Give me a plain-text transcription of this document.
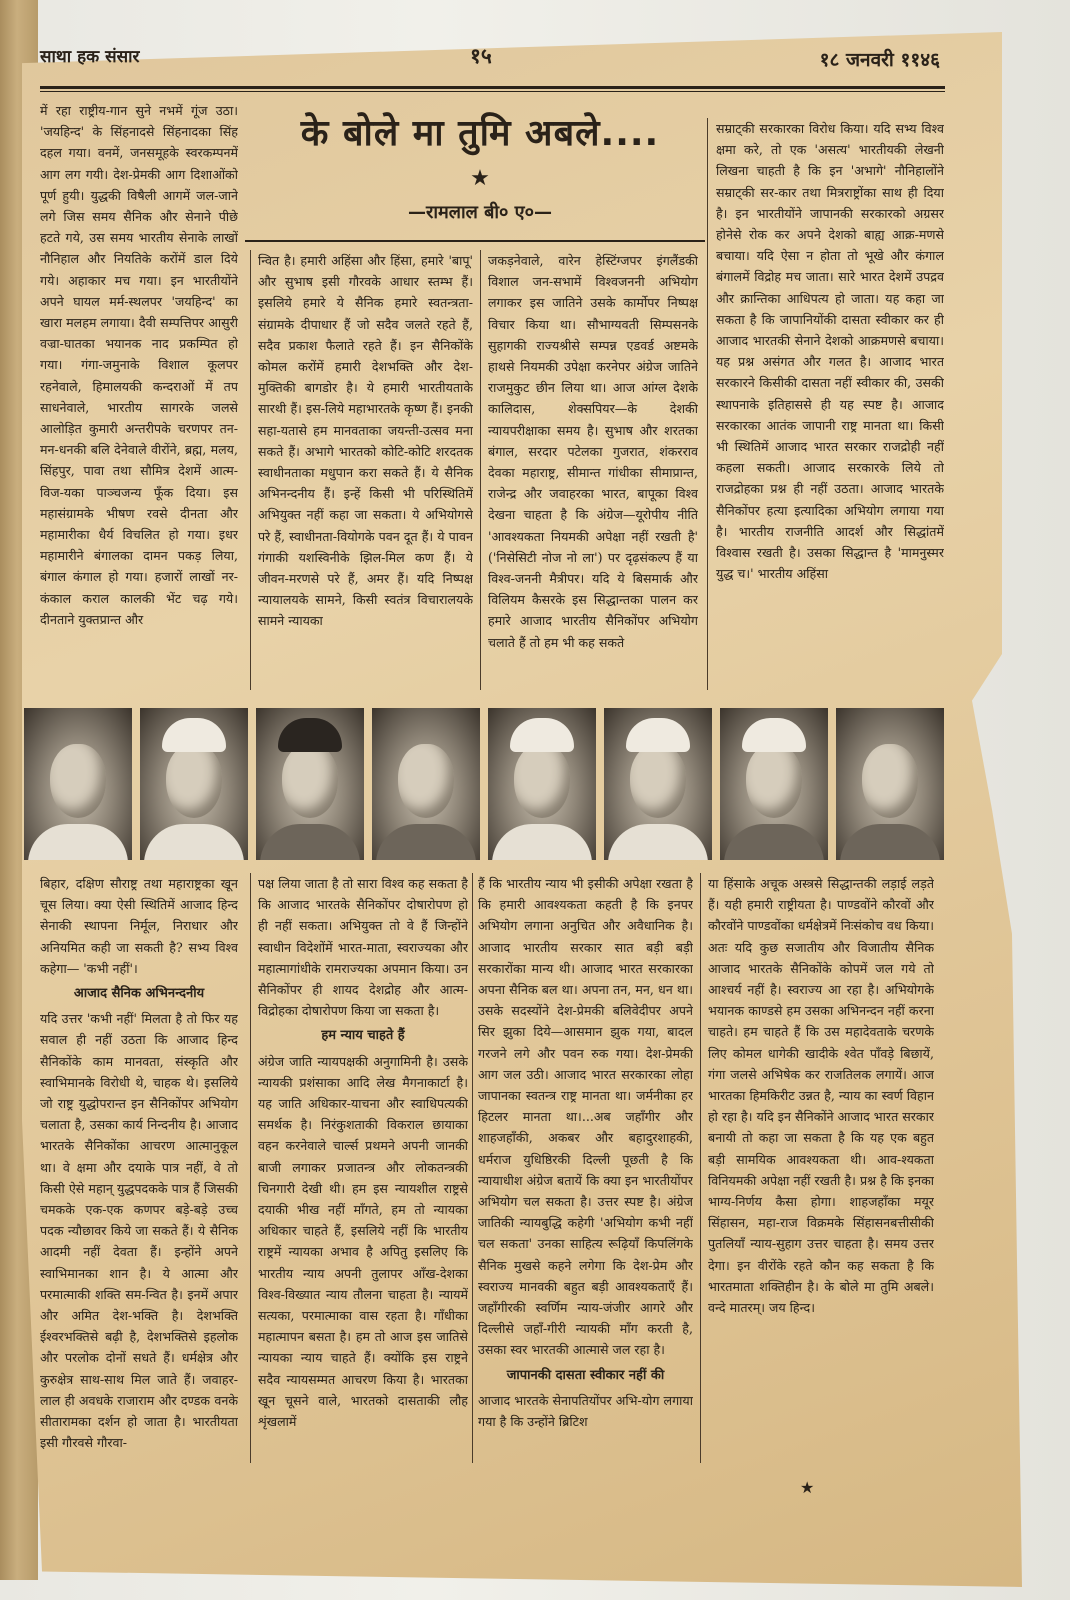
साथा हक संसार	१५	१८ जनवरी ११४६
के बोले मा तुमि अबले....
★
—रामलाल बी० ए०—

में रहा राष्ट्रीय-गान सुने नभमें गूंज उठा। 'जयहिन्द' के सिंहनादसे सिंहनादका सिंह दहल गया। वनमें, जनसमूहके स्वरकम्पनमें आग लग गयी। देश-प्रेमकी आग दिशाओंको पूर्ण हुयी। युद्धकी विषैली आगमें जल-जाने लगे जिस समय सैनिक और सेनाने पीछे हटते गये, उस समय भारतीय सेनाके लाखों नौनिहाल और नियतिके करोंमें डाल दिये गये। अहाकार मच गया। इन भारतीयोंने अपने घायल मर्म-स्थलपर 'जयहिन्द' का खारा मलहम लगाया। दैवी सम्पत्तिपर आसुरी वज्रा-घातका भयानक नाद प्रकम्पित हो गया। गंगा-जमुनाके विशाल कूलपर रहनेवाले, हिमालयकी कन्दराओं में तप साधनेवाले, भारतीय सागरके जलसे आलोड़ित कुमारी अन्तरीपके चरणपर तन-मन-धनकी बलि देनेवाले वीरोंने, ब्रह्म, मलय, सिंहपुर, पावा तथा सौमित्र देशमें आत्म-विज-यका पाञ्चजन्य फूँक दिया। इस महासंग्रामके भीषण रवसे दीनता और महामारीका धैर्य विचलित हो गया। इधर महामारीने बंगालका दामन पकड़ लिया, बंगाल कंगाल हो गया। हजारों लाखों नर-कंकाल कराल कालकी भेंट चढ़ गये। दीनताने युक्तप्रान्त और

न्वित है। हमारी अहिंसा और हिंसा, हमारे 'बापू' और सुभाष इसी गौरवके आधार स्तम्भ हैं। इसलिये हमारे ये सैनिक हमारे स्वतन्त्रता-संग्रामके दीपाधार हैं जो सदैव जलते रहते हैं, सदैव प्रकाश फैलाते रहते हैं। इन सैनिकोंके कोमल करोंमें हमारी देशभक्ति और देश-मुक्तिकी बागडोर है। ये हमारी भारतीयताके सारथी हैं। इस-लिये महाभारतके कृष्ण हैं। इनकी सहा-यतासे हम मानवताका जयन्ती-उत्सव मना सकते हैं। अभागे भारतको कोटि-कोटि शरदतक स्वाधीनताका मधुपान करा सकते हैं। ये सैनिक अभिनन्दनीय हैं। इन्हें किसी भी परिस्थितिमें अभियुक्त नहीं कहा जा सकता। ये अभियोगसे परे हैं, स्वाधीनता-वियोगके पवन दूत हैं। ये पावन गंगाकी यशस्विनीके झिल-मिल कण हैं। ये जीवन-मरणसे परे हैं, अमर हैं। यदि निष्पक्ष न्यायालयके सामने, किसी स्वतंत्र विचारालयके सामने न्यायका

जकड़नेवाले, वारेन हेस्टिंग्जपर इंगलैंडकी विशाल जन-सभामें विश्वजननी अभियोग लगाकर इस जातिने उसके कार्मोपर निष्पक्ष विचार किया था। सौभाग्यवती सिम्पसनके सुहागकी राज्यश्रीसे सम्पन्न एडवर्ड अष्टमके हाथसे नियमकी उपेक्षा करनेपर अंग्रेज जातिने राजमुकुट छीन लिया था। आज आंग्ल देशके कालिदास, शेक्सपियर—के देशकी न्यायपरीक्षाका समय है। सुभाष और शरतका बंगाल, सरदार पटेलका गुजरात, शंकरराव देवका महाराष्ट्र, सीमान्त गांधीका सीमाप्रान्त, राजेन्द्र और जवाहरका भारत, बापूका विश्व देखना चाहता है कि अंग्रेज—यूरोपीय नीति 'आवश्यकता नियमकी अपेक्षा नहीं रखती है' ('निसेसिटी नोज नो ला') पर दृढ़संकल्प हैं या विश्व-जननी मैत्रीपर। यदि ये बिसमार्क और विलियम कैसरके इस सिद्धान्तका पालन कर हमारे आजाद भारतीय सैनिकोंपर अभियोग चलाते हैं तो हम भी कह सकते

सम्राट्की सरकारका विरोध किया। यदि सभ्य विश्व क्षमा करे, तो एक 'असत्य' भारतीयकी लेखनी लिखना चाहती है कि इन 'अभागे' नौनिहालोंने सम्राट्‌की सर-कार तथा मित्रराष्ट्रोंका साथ ही दिया है। इन भारतीयोंने जापानकी सरकारको अग्रसर होनेसे रोक कर अपने देशको बाह्य आक्र-मणसे बचाया। यदि ऐसा न होता तो भूखे और कंगाल बंगालमें विद्रोह मच जाता। सारे भारत देशमें उपद्रव और क्रान्तिका आधिपत्य हो जाता। यह कहा जा सकता है कि जापानियोंकी दासता स्वीकार कर ही आजाद भारतकी सेनाने देशको आक्रमणसे बचाया। यह प्रश्न असंगत और गलत है। आजाद भारत सरकारने किसीकी दासता नहीं स्वीकार की, उसकी स्थापनाके इतिहाससे ही यह स्पष्ट है। आजाद सरकारका आतंक जापानी राष्ट्र मानता था। किसी भी स्थितिमें आजाद भारत सरकार राजद्रोही नहीं कहला सकती। आजाद सरकारके लिये तो राजद्रोहका प्रश्न ही नहीं उठता। आजाद भारतके सैनिकोंपर हत्या इत्यादिका अभियोग लगाया गया है। भारतीय राजनीति आदर्श और सिद्धांतमें विश्वास रखती है। उसका सिद्धान्त है 'मामनुस्मर युद्ध च।' भारतीय अहिंसा

बिहार, दक्षिण सौराष्ट्र तथा महाराष्ट्रका खून चूस लिया। क्या ऐसी स्थितिमें आजाद हिन्द सेनाकी स्थापना निर्मूल, निराधार और अनियमित कही जा सकती है? सभ्य विश्व कहेगा— 'कभी नहीं'।

आजाद सैनिक अभिनन्दनीय

यदि उत्तर 'कभी नहीं' मिलता है तो फिर यह सवाल ही नहीं उठता कि आजाद हिन्द सैनिकोंके काम मानवता, संस्कृति और स्वाभिमानके विरोधी थे, चाहक थे। इसलिये जो राष्ट्र युद्धोपरान्त इन सैनिकोंपर अभियोग चलाता है, उसका कार्य निन्दनीय है। आजाद भारतके सैनिकोंका आचरण आत्मानुकूल था। वे क्षमा और दयाके पात्र नहीं, वे तो किसी ऐसे महान् युद्धपदकके पात्र हैं जिसकी चमकके एक-एक कणपर बड़े-बड़े उच्च पदक न्यौछावर किये जा सकते हैं। ये सैनिक आदमी नहीं देवता हैं। इन्होंने अपने स्वाभिमानका शान है। ये आत्मा और परमात्माकी शक्ति सम-न्वित है। इनमें अपार और अमित देश-भक्ति है। देशभक्ति ईश्वरभक्तिसे बढ़ी है, देशभक्तिसे इहलोक और परलोक दोनों सधते हैं। धर्मक्षेत्र और कुरुक्षेत्र साथ-साथ मिल जाते हैं। जवाहर-लाल ही अवधके राजाराम और दण्डक वनके सीतारामका दर्शन हो जाता है। भारतीयता इसी गौरवसे गौरवा-

पक्ष लिया जाता है तो सारा विश्व कह सकता है कि आजाद भारतके सैनिकोंपर दोषारोपण हो ही नहीं सकता। अभियुक्त तो वे हैं जिन्होंने स्वाधीन विदेशोंमें भारत-माता, स्वराज्यका और महात्मागांधीके रामराज्यका अपमान किया। उन सैनिकोंपर ही शायद देशद्रोह और आत्म-विद्रोहका दोषारोपण किया जा सकता है।

हम न्याय चाहते हैं

अंग्रेज जाति न्यायपक्षकी अनुगामिनी है। उसके न्यायकी प्रशंसाका आदि लेख मैगनाकार्टा है। यह जाति अधिकार-याचना और स्वाधिपत्यकी समर्थक है। निरंकुशताकी विकराल छायाका वहन करनेवाले चार्ल्स प्रथमने अपनी जानकी बाजी लगाकर प्रजातन्त्र और लोकतन्त्रकी चिनगारी देखी थी। हम इस न्यायशील राष्ट्रसे दयाकी भीख नहीं माँगते, हम तो न्यायका अधिकार चाहते हैं, इसलिये नहीं कि भारतीय राष्ट्रमें न्यायका अभाव है अपितु इसलिए कि भारतीय न्याय अपनी तुलापर आँख-देशका विश्व-विख्यात न्याय तौलना चाहता है। न्यायमें सत्यका, परमात्माका वास रहता है। गाँधीका महात्मापन बसता है। हम तो आज इस जातिसे न्यायका न्याय चाहते हैं। क्योंकि इस राष्ट्रने सदैव न्यायसम्मत आचरण किया है। भारतका खून चूसने वाले, भारतको दासताकी लौह शृंखलामें

हैं कि भारतीय न्याय भी इसीकी अपेक्षा रखता है कि हमारी आवश्यकता कहती है कि इनपर अभियोग लगाना अनुचित और अवैधानिक है। आजाद भारतीय सरकार सात बड़ी बड़ी सरकारोंका मान्य थी। आजाद भारत सरकारका अपना सैनिक बल था। अपना तन, मन, धन था। उसके सदस्योंने देश-प्रेमकी बलिवेदीपर अपने सिर झुका दिये—आसमान झुक गया, बादल गरजने लगे और पवन रुक गया। देश-प्रेमकी आग जल उठी। आजाद भारत सरकारका लोहा जापानका स्वतन्त्र राष्ट्र मानता था। जर्मनीका हर हिटलर मानता था।...अब जहाँगीर और शाहजहाँकी, अकबर और बहादुरशाहकी, धर्मराज युधिष्ठिरकी दिल्ली पूछती है कि न्यायाधीश अंग्रेज बतायें कि क्या इन भारतीयोंपर अभियोग चल सकता है। उत्तर स्पष्ट है। अंग्रेज जातिकी न्यायबुद्धि कहेगी 'अभियोग कभी नहीं चल सकता' उनका साहित्य रूढ़ियाँ किपलिंगके सैनिक मुखसे कहने लगेगा कि देश-प्रेम और स्वराज्य मानवकी बहुत बड़ी आवश्यकताएँ हैं। जहाँगीरकी स्वर्णिम न्याय-जंजीर आगरे और दिल्लीसे जहाँ-गीरी न्यायकी माँग करती है, उसका स्वर भारतकी आत्मासे जल रहा है।

जापानकी दासता स्वीकार नहीं की

आजाद भारतके सेनापतियोंपर अभि-योग लगाया गया है कि उन्होंने ब्रिटिश

या हिंसाके अचूक अस्त्रसे सिद्धान्तकी लड़ाई लड़ते हैं। यही हमारी राष्ट्रीयता है। पाण्डवोंने कौरवों और कौरवोंने पाण्डवोंका धर्मक्षेत्रमें निःसंकोच वध किया। अतः यदि कुछ सजातीय और विजातीय सैनिक आजाद भारतके सैनिकोंके कोपमें जल गये तो आश्चर्य नहीं है। स्वराज्य आ रहा है। अभियोगके भयानक काण्डसे हम उसका अभिनन्दन नहीं करना चाहते। हम चाहते हैं कि उस महादेवताके चरणके लिए कोमल धागेकी खादीके श्वेत पाँवड़े बिछायें, गंगा जलसे अभिषेक कर राजतिलक लगायें। आज भारतका हिमकिरीट उन्नत है, न्याय का स्वर्ण विहान हो रहा है। यदि इन सैनिकोंने आजाद भारत सरकार बनायी तो कहा जा सकता है कि यह एक बहुत बड़ी सामयिक आवश्यकता थी। आव-श्यकता विनियमकी अपेक्षा नहीं रखती है। प्रश्न है कि इनका भाग्य-निर्णय कैसा होगा। शाहजहाँका मयूर सिंहासन, महा-राज विक्रमके सिंहासनबत्तीसीकी पुतलियाँ न्याय-सुहाग उत्तर चाहता है। समय उत्तर देगा। इन वीरोंके रहते कौन कह सकता है कि भारतमाता शक्तिहीन है। के बोले मा तुमि अबले। वन्दे मातरम्। जय हिन्द।

★
